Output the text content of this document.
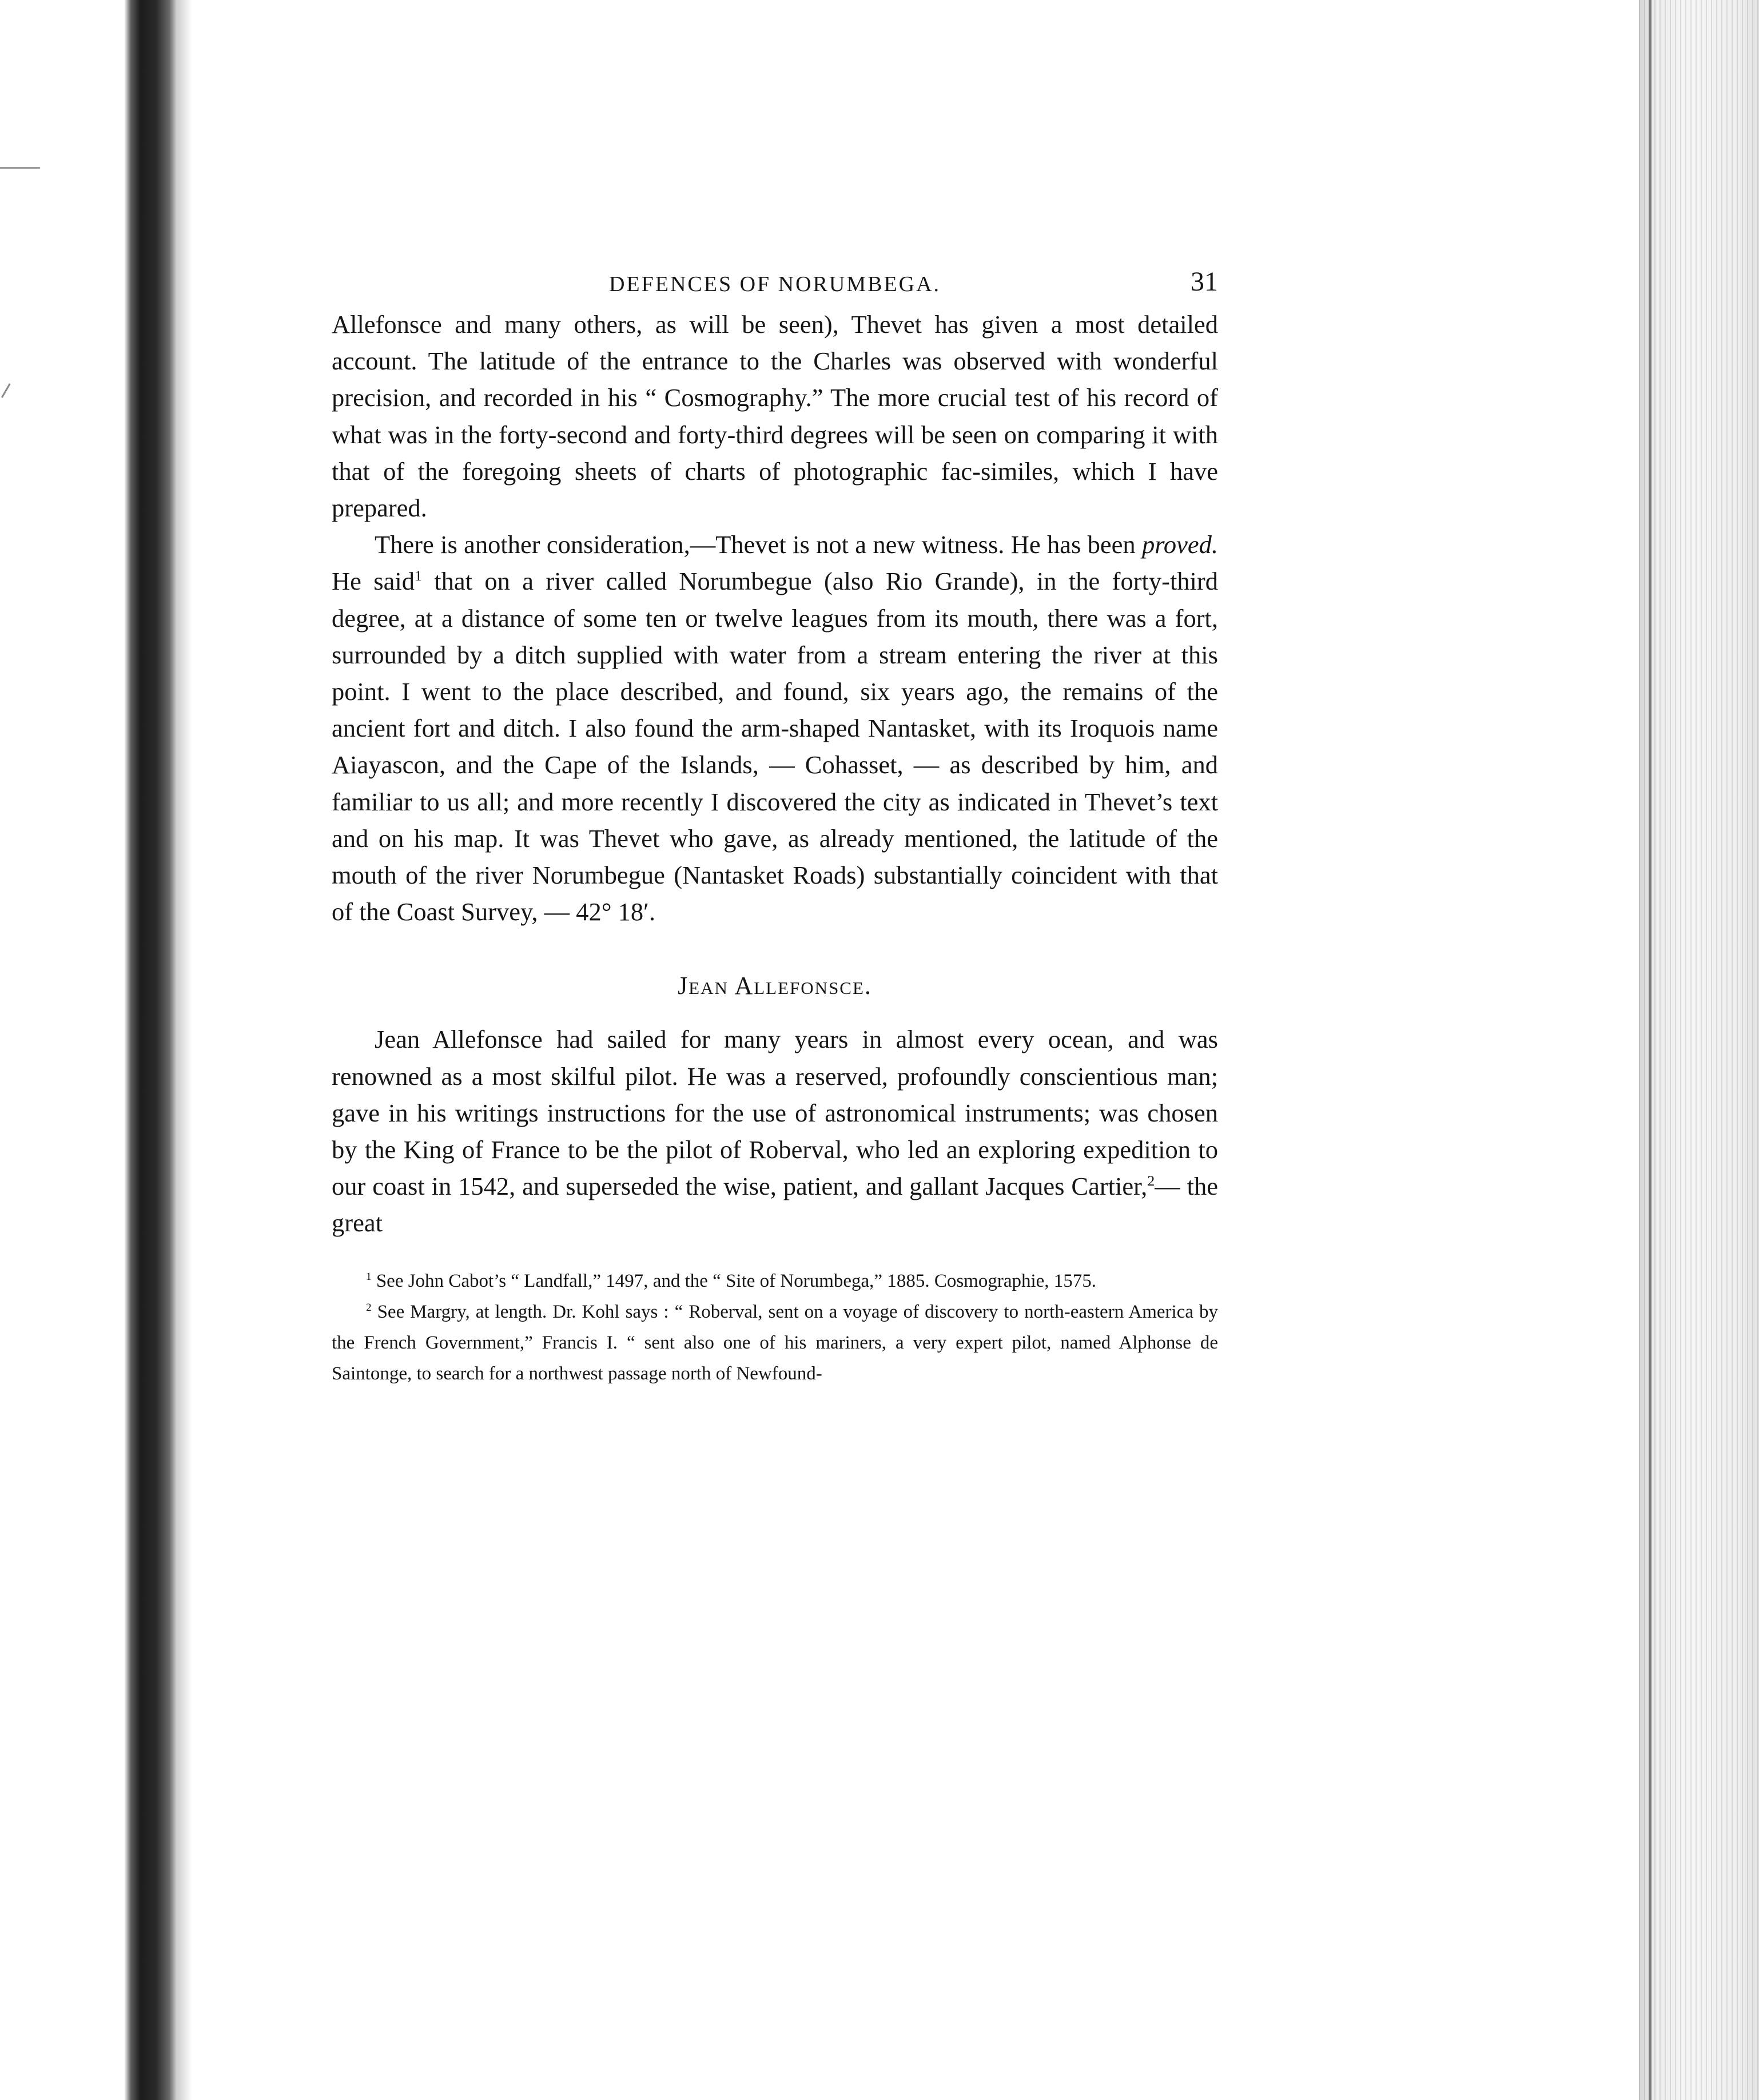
DEFENCES OF NORUMBEGA.	31

Allefonsce and many others, as will be seen), Thevet has given a most detailed account. The latitude of the entrance to the Charles was observed with wonderful precision, and recorded in his “ Cosmography.” The more crucial test of his record of what was in the forty-second and forty-third degrees will be seen on comparing it with that of the foregoing sheets of charts of photographic fac-similes, which I have prepared.

There is another consideration,—Thevet is not a new witness. He has been proved. He said$^1$ that on a river called Norumbegue (also Rio Grande), in the forty-third degree, at a distance of some ten or twelve leagues from its mouth, there was a fort, surrounded by a ditch supplied with water from a stream entering the river at this point. I went to the place described, and found, six years ago, the remains of the ancient fort and ditch. I also found the arm-shaped Nantasket, with its Iroquois name Aiayascon, and the Cape of the Islands, — Cohasset, — as described by him, and familiar to us all; and more recently I discovered the city as indicated in Thevet’s text and on his map. It was Thevet who gave, as already mentioned, the latitude of the mouth of the river Norumbegue (Nantasket Roads) substantially coincident with that of the Coast Survey, — 42° 18′.

Jean Allefonsce.

Jean Allefonsce had sailed for many years in almost every ocean, and was renowned as a most skilful pilot. He was a reserved, profoundly conscientious man; gave in his writings instructions for the use of astronomical instruments; was chosen by the King of France to be the pilot of Roberval, who led an exploring expedition to our coast in 1542, and superseded the wise, patient, and gallant Jacques Cartier,$^2$— the great

$^1$ See John Cabot’s “ Landfall,” 1497, and the “ Site of Norumbega,” 1885. Cosmographie, 1575.

$^2$ See Margry, at length. Dr. Kohl says : “ Roberval, sent on a voyage of discovery to north-eastern America by the French Government,” Francis I. “ sent also one of his mariners, a very expert pilot, named Alphonse de Saintonge, to search for a northwest passage north of Newfound-
